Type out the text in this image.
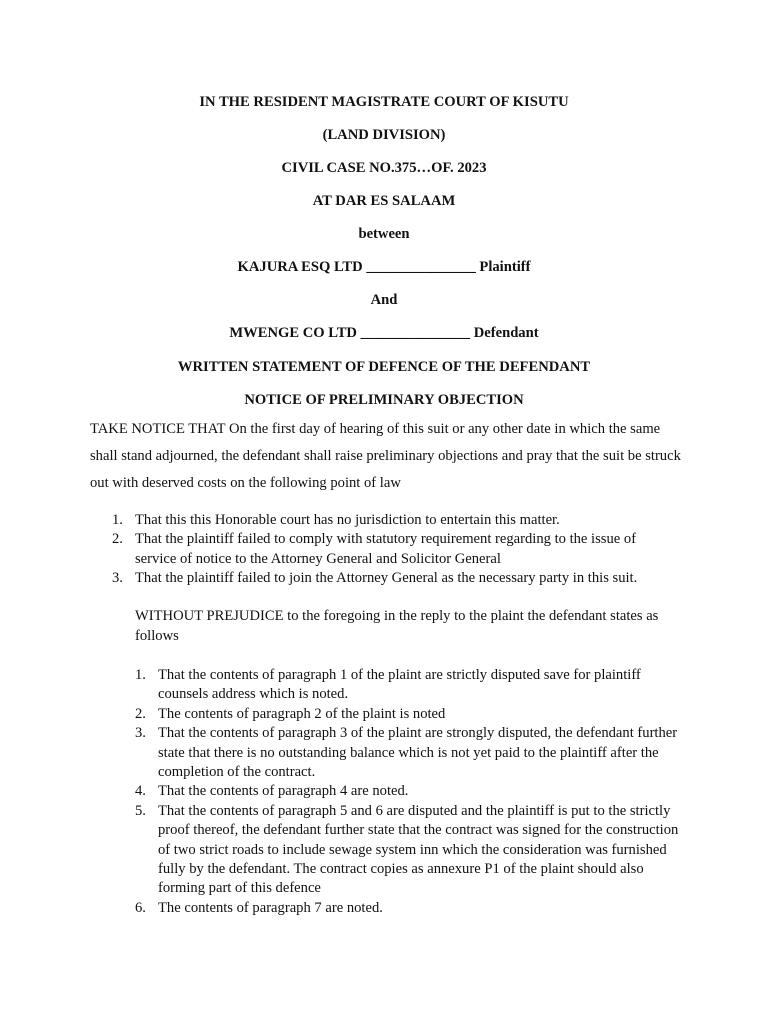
IN THE RESIDENT MAGISTRATE COURT OF KISUTU
(LAND DIVISION)
CIVIL CASE NO.375…OF. 2023
AT DAR ES SALAAM
between
KAJURA ESQ LTD _______________ Plaintiff
And
MWENGE CO LTD _______________ Defendant
WRITTEN STATEMENT OF DEFENCE OF THE DEFENDANT
NOTICE OF PRELIMINARY OBJECTION
TAKE NOTICE THAT On the first day of hearing of this suit or any other date in which the same shall stand adjourned, the defendant shall raise preliminary objections and pray that the suit be struck out with deserved costs on the following point of law
1. That this this Honorable court has no jurisdiction to entertain this matter.
2. That the plaintiff failed to comply with statutory requirement regarding to the issue of service of notice to the Attorney General and Solicitor General
3. That the plaintiff failed to join the Attorney General as the necessary party in this suit.
WITHOUT PREJUDICE to the foregoing in the reply to the plaint the defendant states as follows
1. That the contents of paragraph 1 of the plaint are strictly disputed save for plaintiff counsels address which is noted.
2. The contents of paragraph 2 of the plaint is noted
3. That the contents of paragraph 3 of the plaint are strongly disputed, the defendant further state that there is no outstanding balance which is not yet paid to the plaintiff after the completion of the contract.
4. That the contents of paragraph 4 are noted.
5. That the contents of paragraph 5 and 6 are disputed and the plaintiff is put to the strictly proof thereof, the defendant further state that the contract was signed for the construction of two strict roads to include sewage system inn which the consideration was furnished fully by the defendant. The contract copies as annexure P1 of the plaint should also forming part of this defence
6. The contents of paragraph 7 are noted.
